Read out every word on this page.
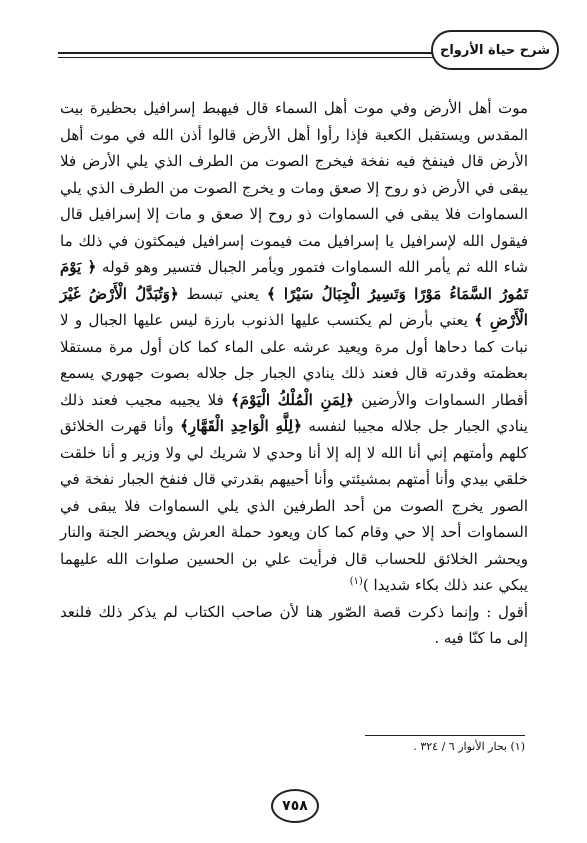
شرح حياة الأرواح

موت أهل الأرض وفي موت أهل السماء قال فيهبط إسرافيل بحظيرة بيت المقدس ويستقبل الكعبة فإذا رأوا أهل الأرض قالوا أذن الله في موت أهل الأرض قال فينفخ فيه نفخة فيخرج الصوت من الطرف الذي يلي الأرض فلا يبقى في الأرض ذو روح إلا صعق ومات و يخرج الصوت من الطرف الذي يلي السماوات فلا يبقى في السماوات ذو روح إلا صعق و مات إلا إسرافيل قال فيقول الله لإسرافيل يا إسرافيل مت فيموت إسرافيل فيمكثون في ذلك ما شاء الله ثم يأمر الله السماوات فتمور ويأمر الجبال فتسير وهو قوله ﴿ يَوْمَ تَمُورُ السَّمَاءُ مَوْرًا وَتَسِيرُ الْجِبَالُ سَيْرًا ﴾ يعني تبسط ﴿وَتُبَدَّلُ الْأَرْضُ غَيْرَ الْأَرْضِ ﴾ يعني بأرض لم يكتسب عليها الذنوب بارزة ليس عليها الجبال و لا نبات كما دحاها أول مرة ويعيد عرشه على الماء كما كان أول مرة مستقلا بعظمته وقدرته قال فعند ذلك ينادي الجبار جل جلاله بصوت جهوري يسمع أقطار السماوات والأرضين ﴿لِمَنِ الْمُلْكُ الْيَوْمَ﴾ فلا يجيبه مجيب فعند ذلك ينادي الجبار جل جلاله مجيبا لنفسه ﴿لِلَّهِ الْوَاحِدِ الْقَهَّارِ﴾ وأنا قهرت الخلائق كلهم وأمتهم إني أنا الله لا إله إلا أنا وحدي لا شريك لي ولا وزير و أنا خلقت خلقي بيدي وأنا أمتهم بمشيئتي وأنا أحييهم بقدرتي قال فنفخ الجبار نفخة في الصور يخرج الصوت من أحد الطرفين الذي يلي السماوات فلا يبقى في السماوات أحد إلا حي وقام كما كان ويعود حملة العرش ويحضر الجنة والنار ويحشر الخلائق للحساب قال فرأيت علي بن الحسين صلوات الله عليهما يبكي عند ذلك بكاء شديدا )$^{(١)}$

أقول : وإنما ذكرت قصة الصّور هنا لأن صاحب الكتاب لم يذكر ذلك فلنعد إلى ما كنّا فيه .

(١) بحار الأنوار ٦ / ٣٢٤ .
٧٥٨
